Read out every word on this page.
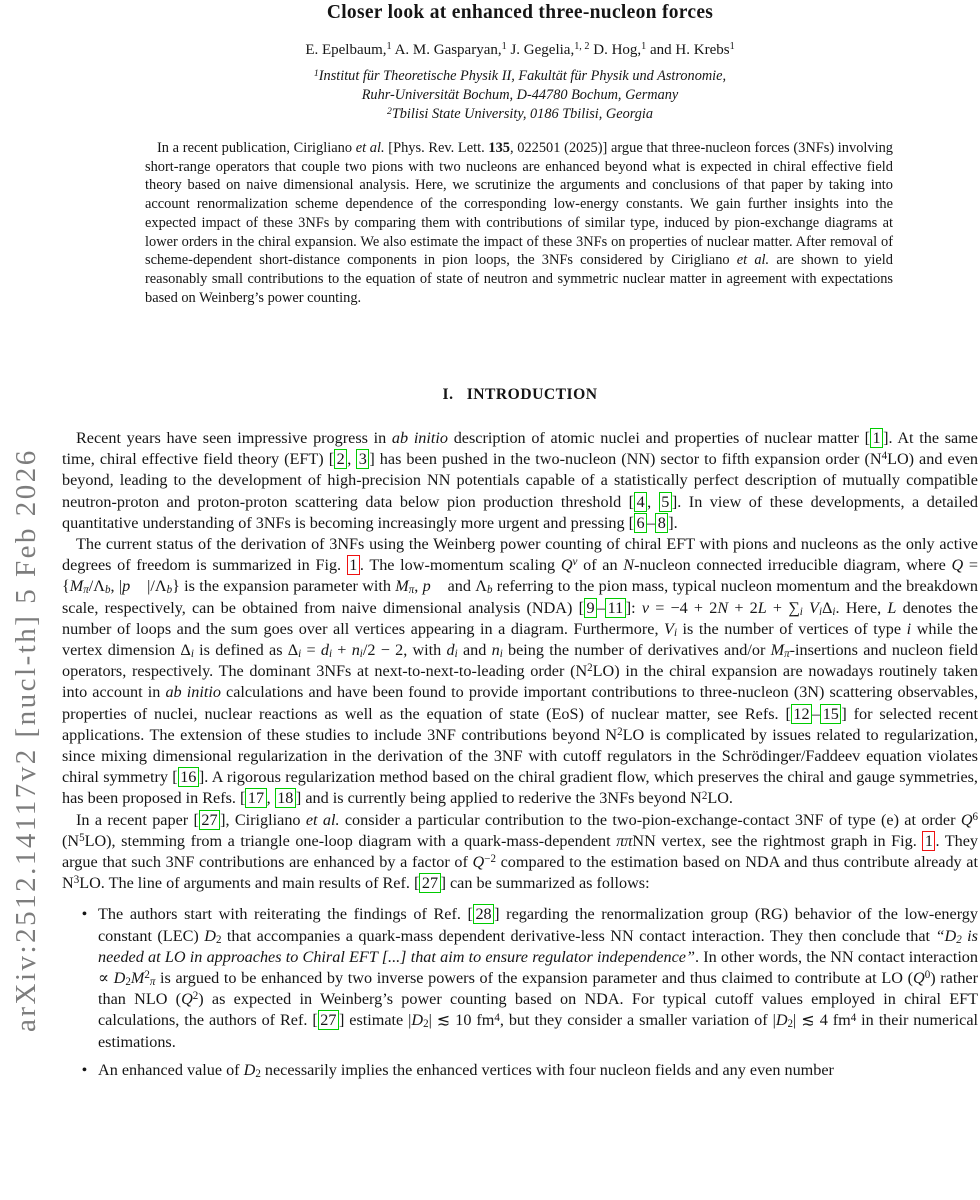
arXiv:2512.14117v2 [nucl-th] 5 Feb 2026
Closer look at enhanced three-nucleon forces
E. Epelbaum,$^1$ A. M. Gasparyan,$^1$ J. Gegelia,$^{1, 2}$ D. Hog,$^1$ and H. Krebs$^1$
$^1$Institut für Theoretische Physik II, Fakultät für Physik und Astronomie,
Ruhr-Universität Bochum, D-44780 Bochum, Germany
$^2$Tbilisi State University, 0186 Tbilisi, Georgia
In a recent publication, Cirigliano et al. [Phys. Rev. Lett. 135, 022501 (2025)] argue that three-nucleon forces (3NFs) involving short-range operators that couple two pions with two nucleons are enhanced beyond what is expected in chiral effective field theory based on naive dimensional analysis. Here, we scrutinize the arguments and conclusions of that paper by taking into account renormalization scheme dependence of the corresponding low-energy constants. We gain further insights into the expected impact of these 3NFs by comparing them with contributions of similar type, induced by pion-exchange diagrams at lower orders in the chiral expansion. We also estimate the impact of these 3NFs on properties of nuclear matter. After removal of scheme-dependent short-distance components in pion loops, the 3NFs considered by Cirigliano et al. are shown to yield reasonably small contributions to the equation of state of neutron and symmetric nuclear matter in agreement with expectations based on Weinberg’s power counting.
I.   INTRODUCTION

Recent years have seen impressive progress in ab initio description of atomic nuclei and properties of nuclear matter [ 1 ]. At the same time, chiral effective field theory (EFT) [ 2 , 3 ] has been pushed in the two-nucleon (NN) sector to fifth expansion order $(N^4LO)$ and even beyond, leading to the development of high-precision NN potentials capable of a statistically perfect description of mutually compatible neutron-proton and proton-proton scattering data below pion production threshold [ 4 , 5 ]. In view of these developments, a detailed quantitative understanding of 3NFs is becoming increasingly more urgent and pressing [ 6 – 8 ].

The current status of the derivation of 3NFs using the Weinberg power counting of chiral EFT with pions and nucleons as the only active degrees of freedom is summarized in Fig. 1 . The low-momentum scaling $Q^\nu$ of an N-nucleon connected irreducible diagram, where $Q = \{M_\pi/\Lambda_b$, |p⃗ $|/\Lambda_b$} is the expansion parameter with $M_\pi$, p⃗ and $\Lambda_b$ referring to the pion mass, typical nucleon momentum and the breakdown scale, respectively, can be obtained from naive dimensional analysis (NDA) [ 9 – 11 ]: $\nu = -4 + 2N + 2L + \sum_i$ $V_i\Delta_i$. Here, L denotes the number of loops and the sum goes over all vertices appearing in a diagram. Furthermore, $V_i$ is the number of vertices of type i while the vertex dimension $\Delta_i$ is defined as $\Delta_i = d_i + n_i/2 - 2$, with $d_i$ and $n_i$ being the number of derivatives and/or $M_\pi$-insertions and nucleon field operators, respectively. The dominant 3NFs at next-to-next-to-leading order $(N^2LO)$ in the chiral expansion are nowadays routinely taken into account in ab initio calculations and have been found to provide important contributions to three-nucleon (3N) scattering observables, properties of nuclei, nuclear reactions as well as the equation of state (EoS) of nuclear matter, see Refs. [ 12 – 15 ] for selected recent applications. The extension of these studies to include 3NF contributions beyond $N^2LO$ is complicated by issues related to regularization, since mixing dimensional regularization in the derivation of the 3NF with cutoff regulators in the Schrödinger/Faddeev equation violates chiral symmetry [ 16 ]. A rigorous regularization method based on the chiral gradient flow, which preserves the chiral and gauge symmetries, has been proposed in Refs. [ 17 , 18 ] and is currently being applied to rederive the 3NFs beyond $N^2LO$.

In a recent paper [ 27 ], Cirigliano et al. consider a particular contribution to the two-pion-exchange-contact 3NF of type (e) at order $Q^6$ $(N^5LO)$, stemming from a triangle one-loop diagram with a quark-mass-dependent ππNN vertex, see the rightmost graph in Fig. 1 . They argue that such 3NF contributions are enhanced by a factor of $Q^{-2}$ compared to the estimation based on NDA and thus contribute already at $N^3LO$. The line of arguments and main results of Ref. [ 27 ] can be summarized as follows:

• The authors start with reiterating the findings of Ref. [ 28 ] regarding the renormalization group (RG) behavior of the low-energy constant (LEC) $D_2$ that accompanies a quark-mass dependent derivative-less NN contact interaction. They then conclude that “$D_2$ is needed at LO in approaches to Chiral EFT [...] that aim to ensure regulator independence”. In other words, the NN contact interaction ∝ $D_2M^2_\pi$ is argued to be enhanced by two inverse powers of the expansion parameter and thus claimed to contribute at LO $(Q^0)$ rather than NLO $(Q^2)$ as expected in Weinberg’s power counting based on NDA. For typical cutoff values employed in chiral EFT calculations, the authors of Ref. [ 27 ] estimate $|D_2|$ ≲ 10 $fm^4$, but they consider a smaller variation of $|D_2|$ ≲ 4 $fm^4$ in their numerical estimations.
• An enhanced value of $D_2$ necessarily implies the enhanced vertices with four nucleon fields and any even number
